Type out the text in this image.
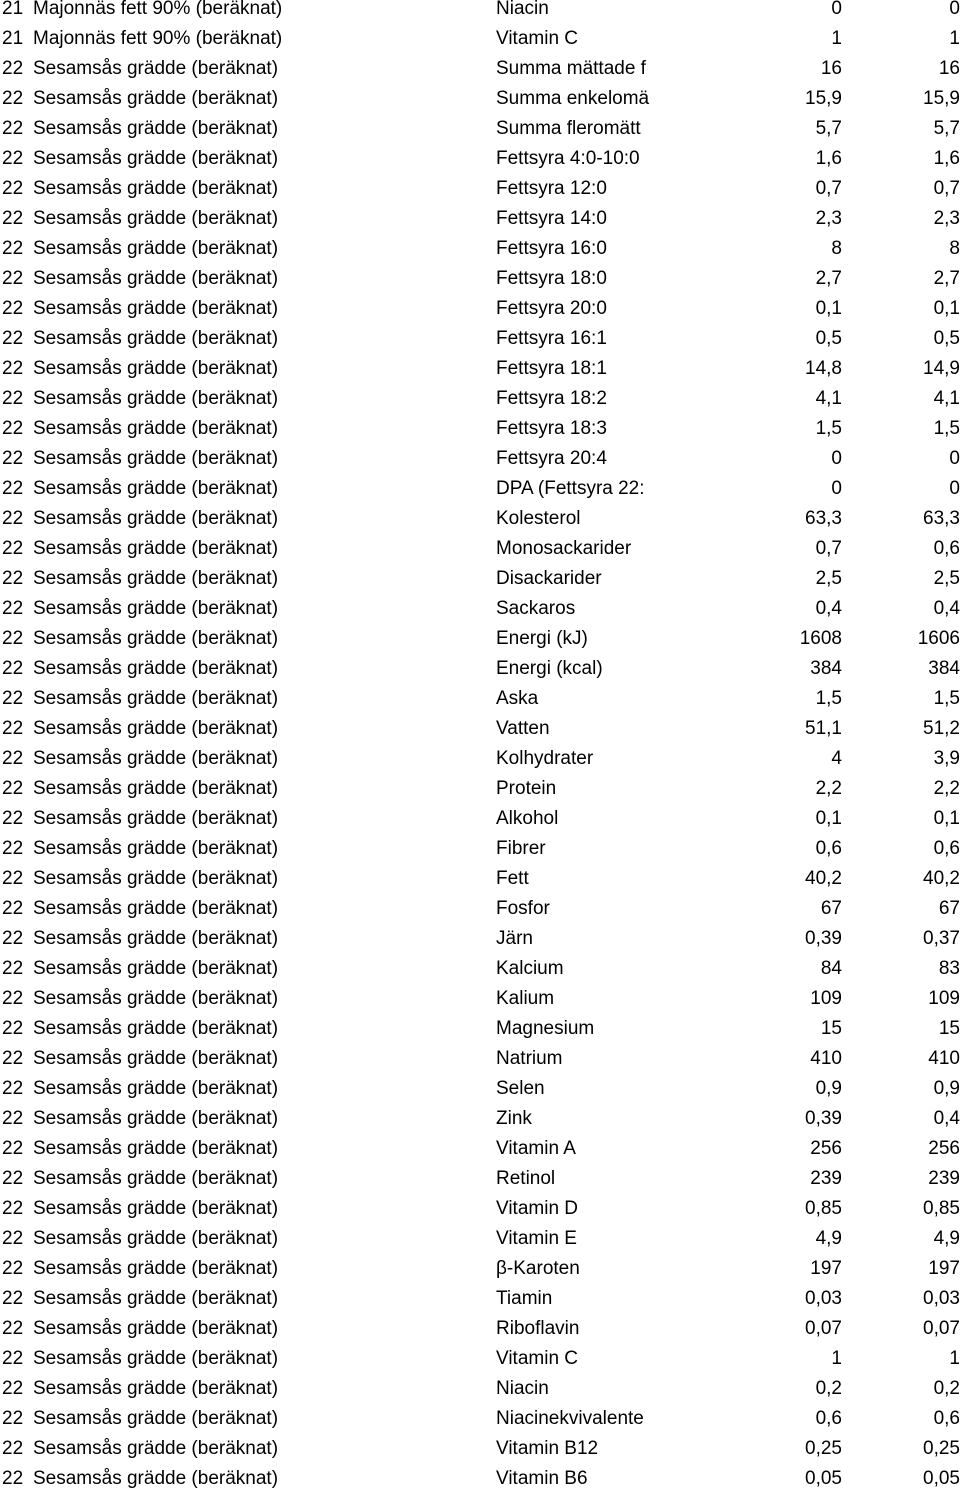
21 Majonnäs fett 90% (beräknat)	Niacin	0	0
21 Majonnäs fett 90% (beräknat)	Vitamin C	1	1
22 Sesamsås grädde (beräknat)	Summa mättade f	16	16
22 Sesamsås grädde (beräknat)	Summa enkelomä	15,9	15,9
22 Sesamsås grädde (beräknat)	Summa fleromätt	5,7	5,7
22 Sesamsås grädde (beräknat)	Fettsyra 4:0-10:0	1,6	1,6
22 Sesamsås grädde (beräknat)	Fettsyra 12:0	0,7	0,7
22 Sesamsås grädde (beräknat)	Fettsyra 14:0	2,3	2,3
22 Sesamsås grädde (beräknat)	Fettsyra 16:0	8	8
22 Sesamsås grädde (beräknat)	Fettsyra 18:0	2,7	2,7
22 Sesamsås grädde (beräknat)	Fettsyra 20:0	0,1	0,1
22 Sesamsås grädde (beräknat)	Fettsyra 16:1	0,5	0,5
22 Sesamsås grädde (beräknat)	Fettsyra 18:1	14,8	14,9
22 Sesamsås grädde (beräknat)	Fettsyra 18:2	4,1	4,1
22 Sesamsås grädde (beräknat)	Fettsyra 18:3	1,5	1,5
22 Sesamsås grädde (beräknat)	Fettsyra 20:4	0	0
22 Sesamsås grädde (beräknat)	DPA (Fettsyra 22:	0	0
22 Sesamsås grädde (beräknat)	Kolesterol	63,3	63,3
22 Sesamsås grädde (beräknat)	Monosackarider	0,7	0,6
22 Sesamsås grädde (beräknat)	Disackarider	2,5	2,5
22 Sesamsås grädde (beräknat)	Sackaros	0,4	0,4
22 Sesamsås grädde (beräknat)	Energi (kJ)	1608	1606
22 Sesamsås grädde (beräknat)	Energi (kcal)	384	384
22 Sesamsås grädde (beräknat)	Aska	1,5	1,5
22 Sesamsås grädde (beräknat)	Vatten	51,1	51,2
22 Sesamsås grädde (beräknat)	Kolhydrater	4	3,9
22 Sesamsås grädde (beräknat)	Protein	2,2	2,2
22 Sesamsås grädde (beräknat)	Alkohol	0,1	0,1
22 Sesamsås grädde (beräknat)	Fibrer	0,6	0,6
22 Sesamsås grädde (beräknat)	Fett	40,2	40,2
22 Sesamsås grädde (beräknat)	Fosfor	67	67
22 Sesamsås grädde (beräknat)	Järn	0,39	0,37
22 Sesamsås grädde (beräknat)	Kalcium	84	83
22 Sesamsås grädde (beräknat)	Kalium	109	109
22 Sesamsås grädde (beräknat)	Magnesium	15	15
22 Sesamsås grädde (beräknat)	Natrium	410	410
22 Sesamsås grädde (beräknat)	Selen	0,9	0,9
22 Sesamsås grädde (beräknat)	Zink	0,39	0,4
22 Sesamsås grädde (beräknat)	Vitamin A	256	256
22 Sesamsås grädde (beräknat)	Retinol	239	239
22 Sesamsås grädde (beräknat)	Vitamin D	0,85	0,85
22 Sesamsås grädde (beräknat)	Vitamin E	4,9	4,9
22 Sesamsås grädde (beräknat)	β-Karoten	197	197
22 Sesamsås grädde (beräknat)	Tiamin	0,03	0,03
22 Sesamsås grädde (beräknat)	Riboflavin	0,07	0,07
22 Sesamsås grädde (beräknat)	Vitamin C	1	1
22 Sesamsås grädde (beräknat)	Niacin	0,2	0,2
22 Sesamsås grädde (beräknat)	Niacinekvivalente	0,6	0,6
22 Sesamsås grädde (beräknat)	Vitamin B12	0,25	0,25
22 Sesamsås grädde (beräknat)	Vitamin B6	0,05	0,05
